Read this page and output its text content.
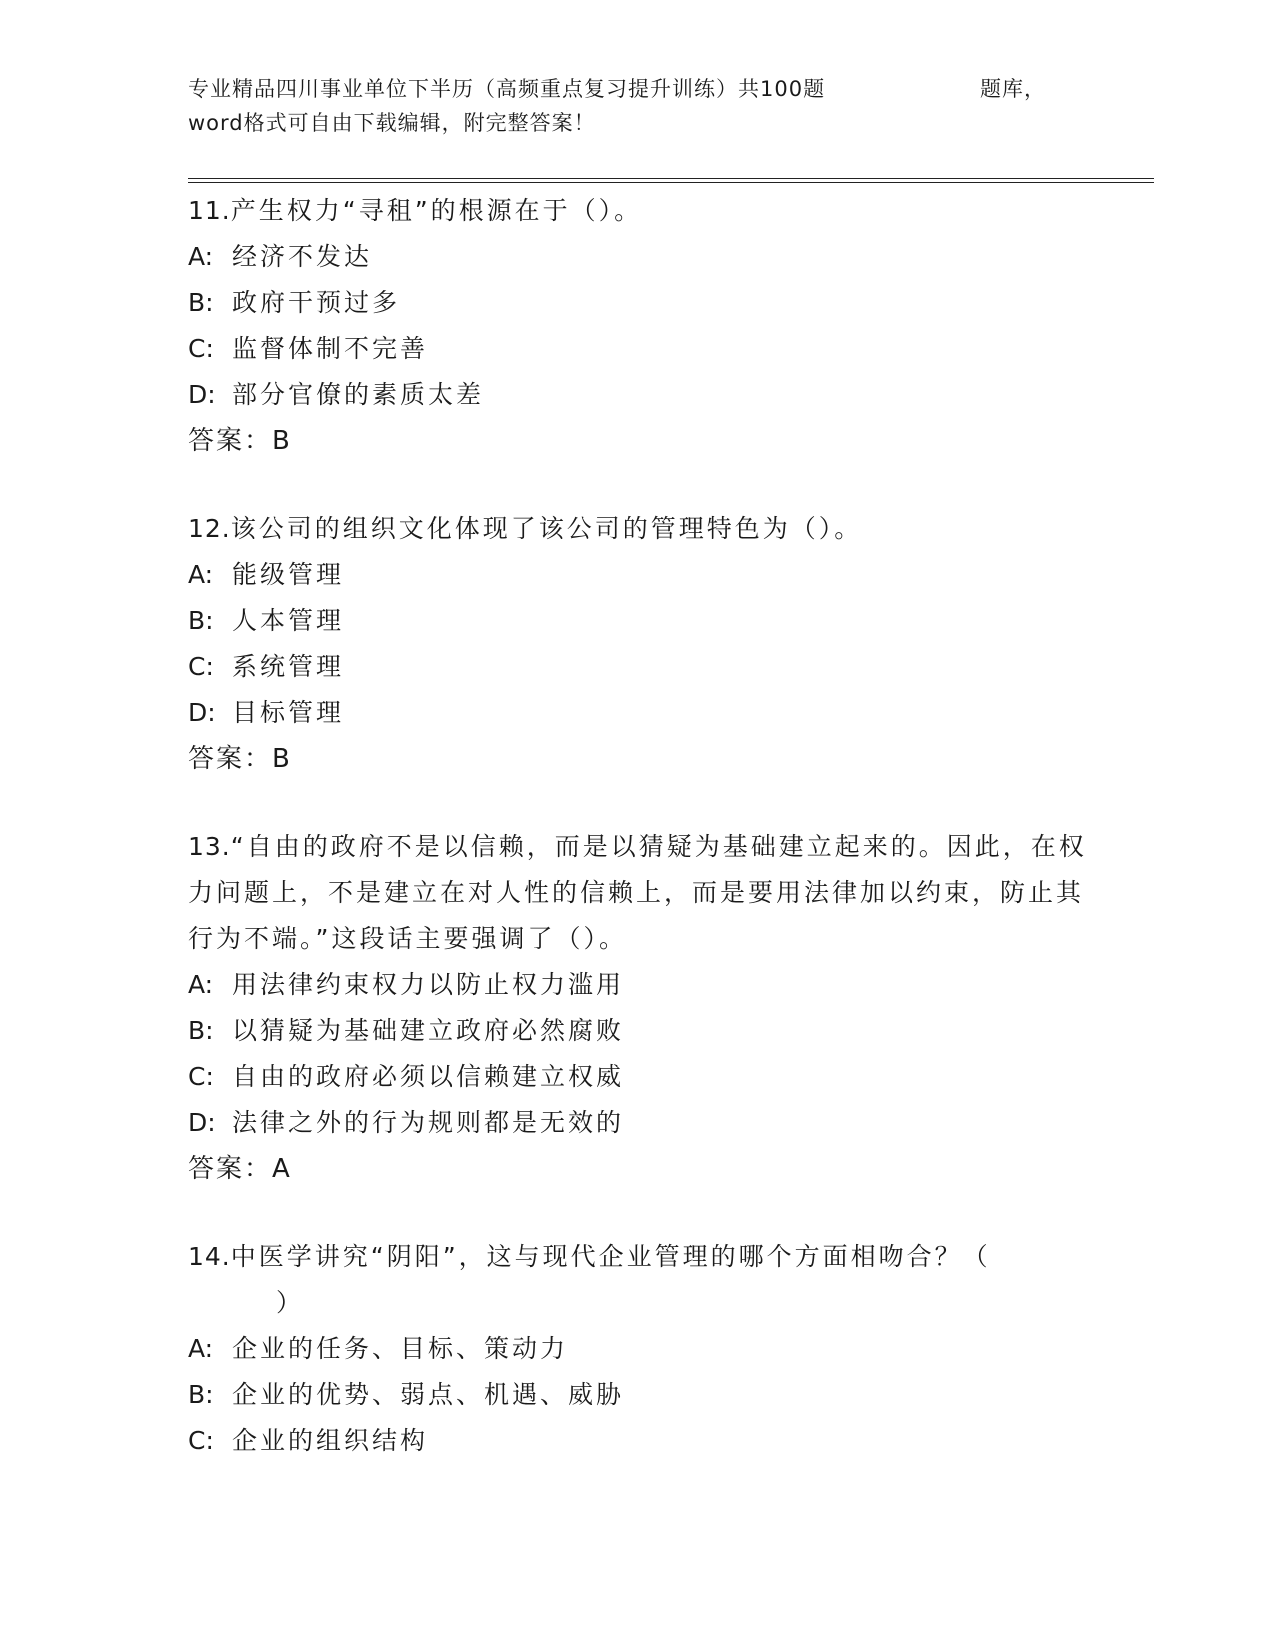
专业精品四川事业单位下半历（高频重点复习提升训练）共100题	题库，
word格式可自由下载编辑，附完整答案！

11.产生权力“寻租”的根源在于（）。

A: 经济不发达
B: 政府干预过多
C: 监督体制不完善
D: 部分官僚的素质太差
答案：B

12.该公司的组织文化体现了该公司的管理特色为（）。

A: 能级管理
B: 人本管理
C: 系统管理
D: 目标管理
答案：B

13.“自由的政府不是以信赖，而是以猜疑为基础建立起来的。因此，在权力问题上，不是建立在对人性的信赖上，而是要用法律加以约束，防止其行为不端。”这段话主要强调了（）。

A: 用法律约束权力以防止权力滥用
B: 以猜疑为基础建立政府必然腐败
C: 自由的政府必须以信赖建立权威
D: 法律之外的行为规则都是无效的
答案：A

14.中医学讲究“阴阳”，这与现代企业管理的哪个方面相吻合？（
）

A: 企业的任务、目标、策动力
B: 企业的优势、弱点、机遇、威胁
C: 企业的组织结构
